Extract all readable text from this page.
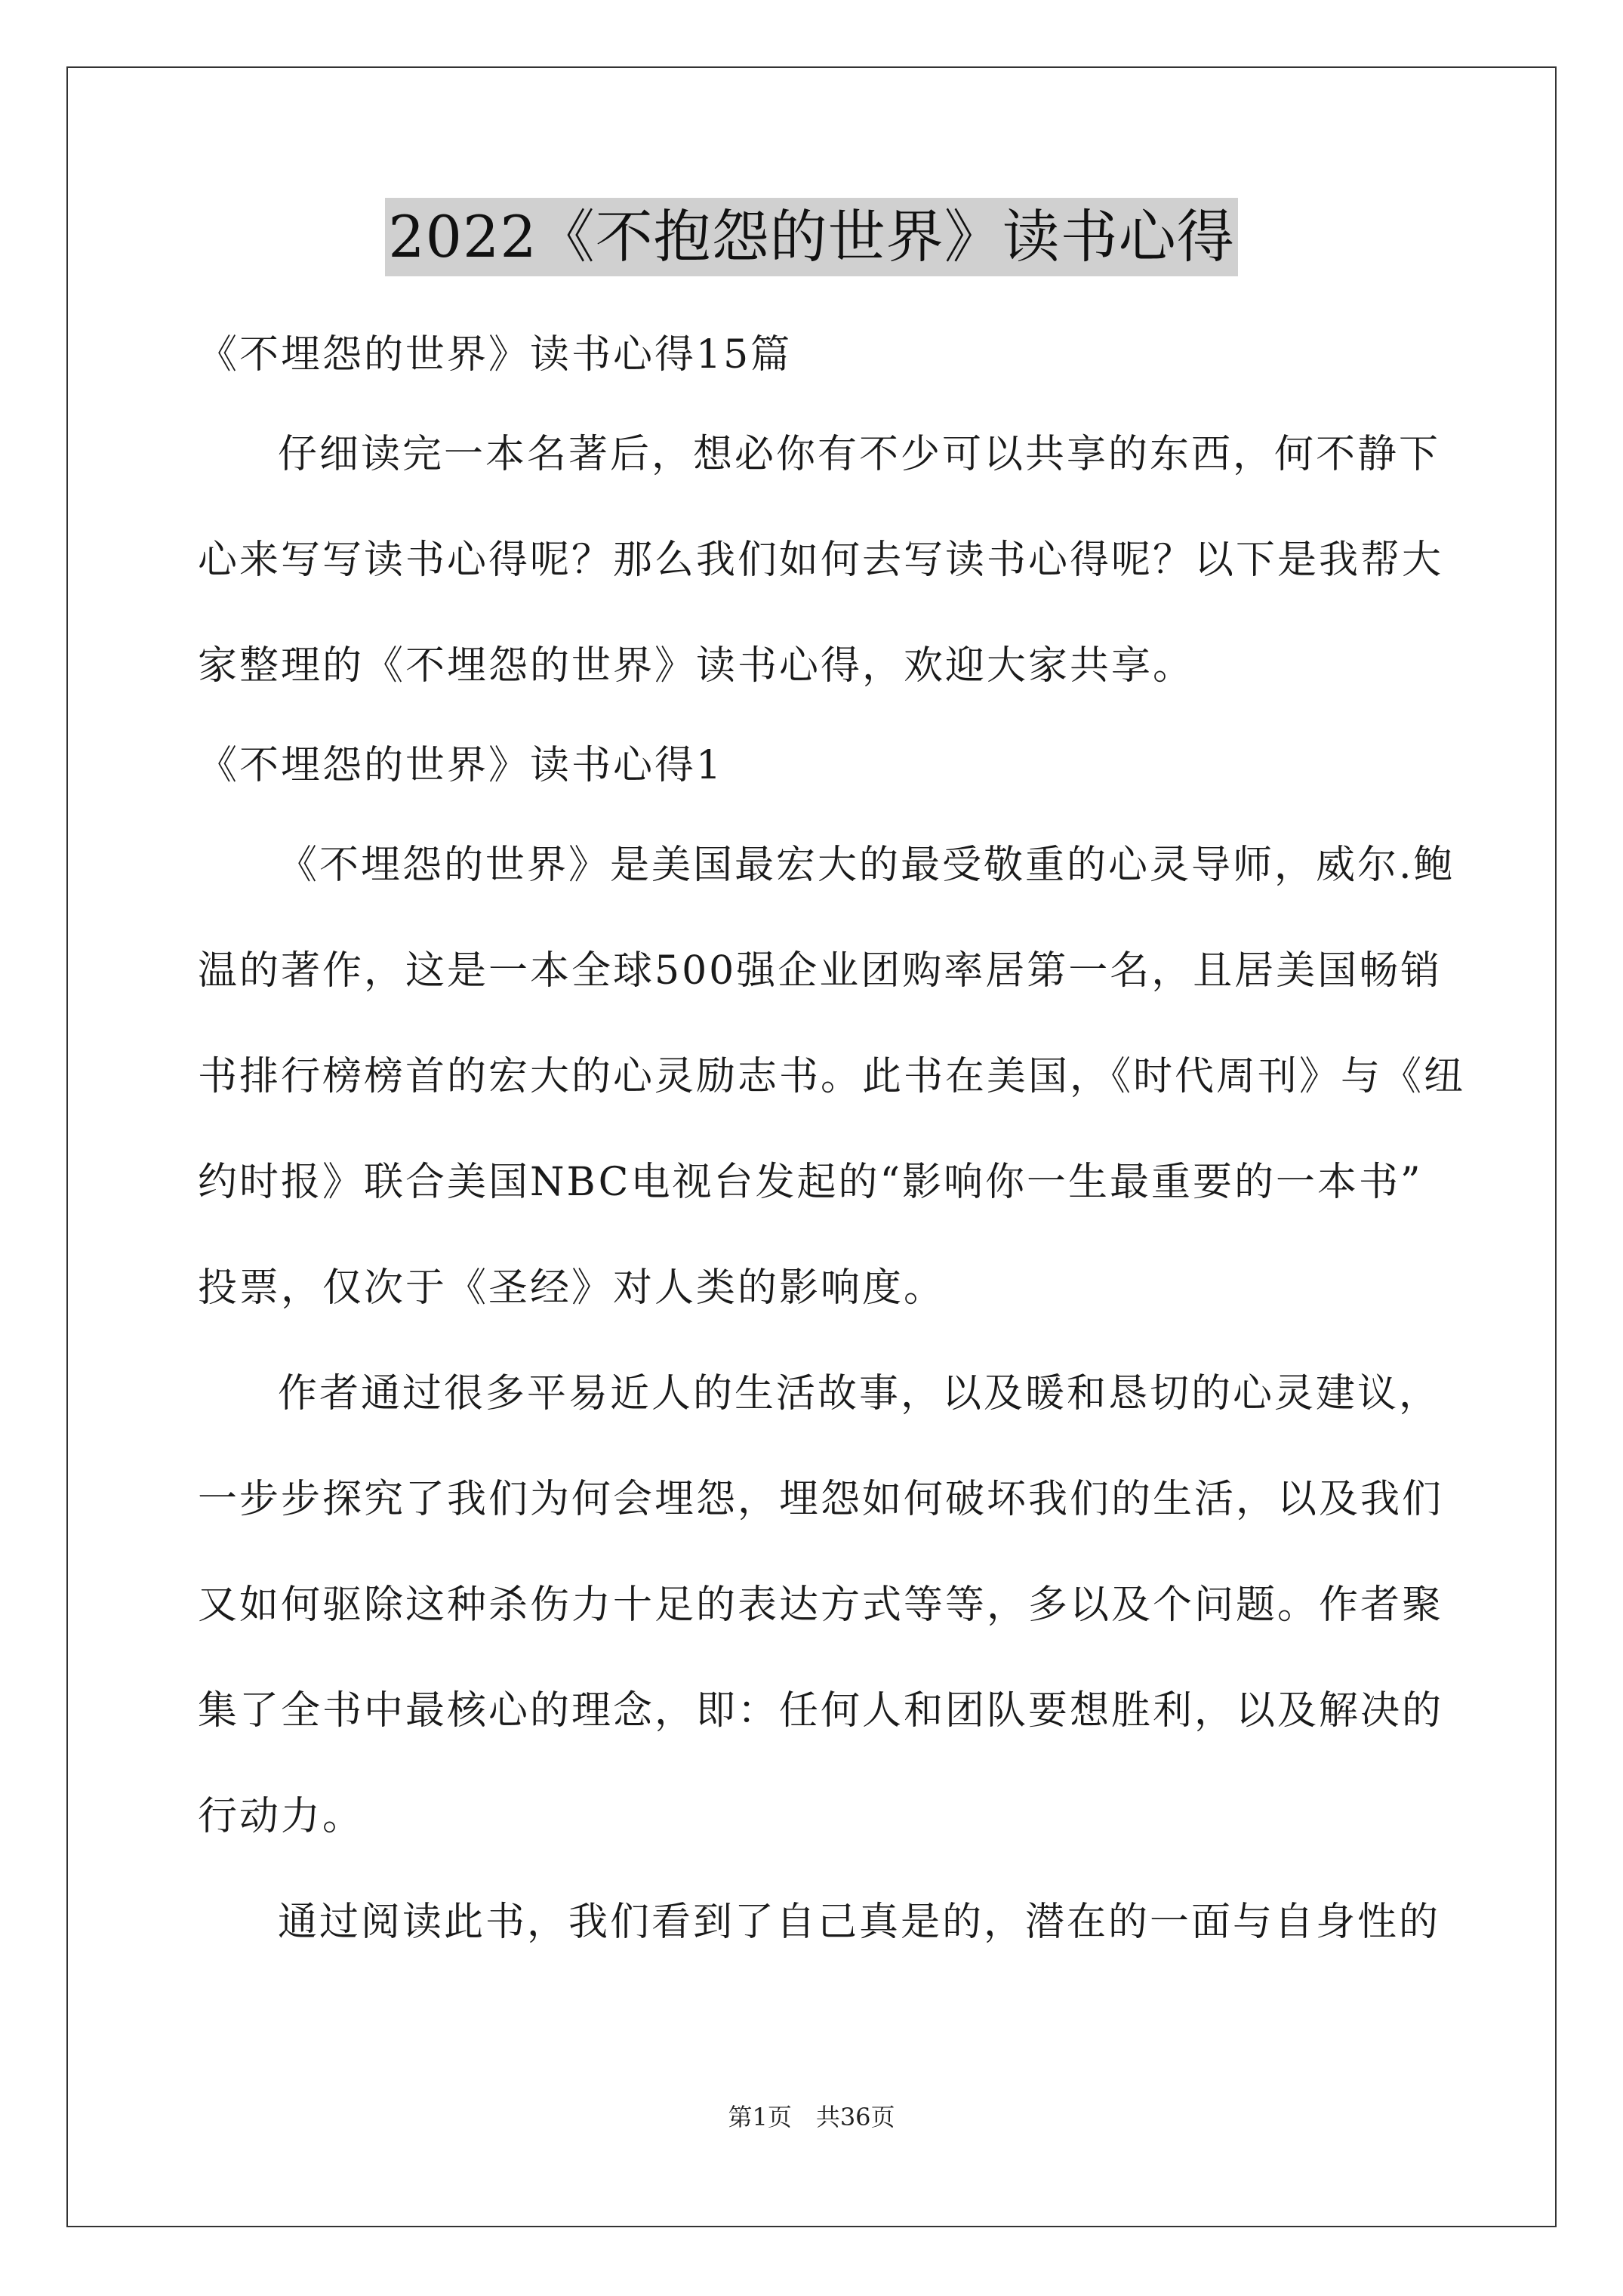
2022《不抱怨的世界》读书心得
《不埋怨的世界》读书心得15篇
仔细读完一本名著后，想必你有不少可以共享的东西，何不静下
心来写写读书心得呢？那么我们如何去写读书心得呢？以下是我帮大
家整理的《不埋怨的世界》读书心得，欢迎大家共享。
《不埋怨的世界》读书心得1
《不埋怨的世界》是美国最宏大的最受敬重的心灵导师，威尔.鲍
温的著作，这是一本全球500强企业团购率居第一名，且居美国畅销
书排行榜榜首的宏大的心灵励志书。此书在美国，《时代周刊》与《纽
约时报》联合美国NBC电视台发起的“影响你一生最重要的一本书”
投票，仅次于《圣经》对人类的影响度。
作者通过很多平易近人的生活故事，以及暖和恳切的心灵建议，
一步步探究了我们为何会埋怨，埋怨如何破坏我们的生活，以及我们
又如何驱除这种杀伤力十足的表达方式等等，多以及个问题。作者聚
集了全书中最核心的理念，即：任何人和团队要想胜利，以及解决的
行动力。
通过阅读此书，我们看到了自己真是的，潜在的一面与自身性的
第1页　共36页
